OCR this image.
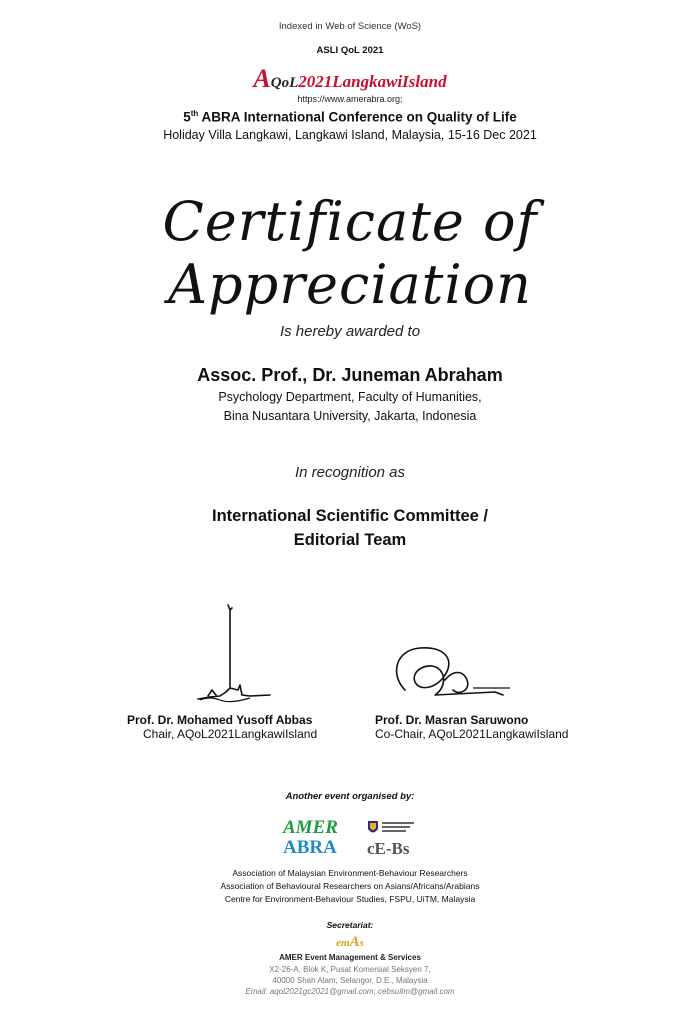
Indexed in Web of Science (WoS)
ASLI QoL 2021
AQoL2021LangkawiIsland
https://www.amerabra.org;
5th ABRA International Conference on Quality of Life
Holiday Villa Langkawi, Langkawi Island, Malaysia, 15-16 Dec 2021
Certificate of Appreciation
Is hereby awarded to
Assoc. Prof., Dr. Juneman Abraham
Psychology Department, Faculty of Humanities,
Bina Nusantara University, Jakarta, Indonesia
In recognition as
International Scientific Committee /
Editorial Team
Prof. Dr. Mohamed Yusoff Abbas
Chair, AQoL2021LangkawiIsland
Prof. Dr. Masran Saruwono
Co-Chair, AQoL2021LangkawiIsland
Another event organised by:
AMER
ABRA cE-Bs
Association of Malaysian Environment-Behaviour Researchers
Association of Behavioural Researchers on Asians/Africans/Arabians
Centre for Environment-Behaviour Studies, FSPU, UiTM, Malaysia
Secretariat:
emAs
AMER Event Management & Services
X2-26-A, Blok K, Pusat Komersial Seksyen 7,
40000 Shah Alam, Selangor, D.E., Malaysia
Email: aqol2021gc2021@gmail.com; cebsuitm@gmail.com
